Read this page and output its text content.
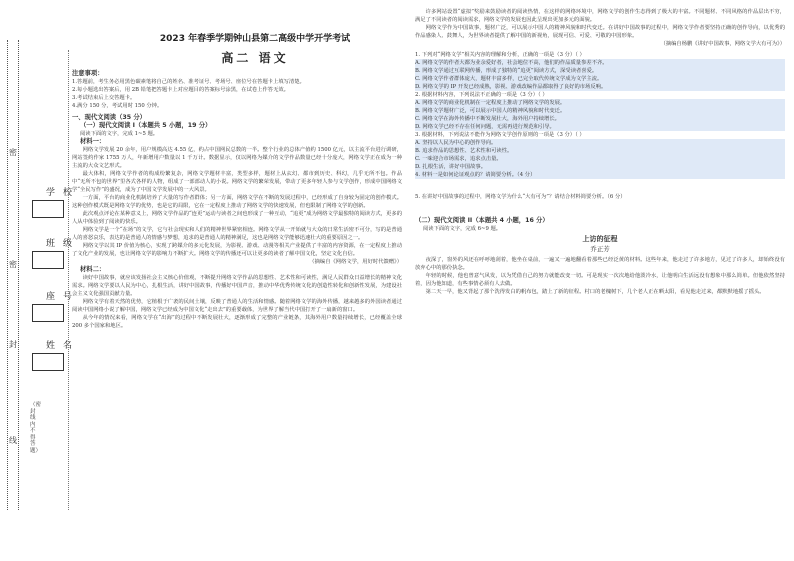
密
密
封
线
学校
班级
座号
姓名
（密封线内不得答题）
2023 年春季学期钟山县第二高级中学开学考试
高二 语文
注意事项：
1.答题前，考生务必用黑色碳素笔将自己的姓名、准考证号、考场号、座位号在答题卡上填写清楚。
2.每小题选出答案后，用 2B 铅笔把答题卡上对应题目的答案标号涂黑，在试卷上作答无效。
3.考试结束后上交答题卡。
4.满分 150 分，考试用时 150 分钟。
一、现代文阅读（35 分）
（一）现代文阅读 I（本题共 5 小题，19 分）
阅读下面的文字，完成 1~5 题。
材料一：

网络文学发展 20 余年，用户规模高达 4.55 亿，约占中国网民总数的一半。整个行业的总体产值约 1500 亿元，以主流平台进行调研，网站签约作家 1755 万人，年新增用户数量以 1 千万计。数据显示，仅以网络为媒介的文学作品数量已经十分庞大，网络文学正在成为一种主流的大众文艺形式。

最大体积，网络文学作者的构成纷繁复杂，网络文学题材丰富，类型多样，题材上从玄幻、都市到历史、科幻，几乎无所不包。作品中“无所不包的世界”里各式各样的人物，组成了一部部动人的小说。网络文学的繁荣发展，带动了更多年轻人参与文学创作，形成中国网络文学“全民写作”的盛况，成为了中国文学发展中的一大风景。

一方面，平台的商业化机制培养了大量的写作者群体；另一方面，网络文学在不断的发展过程中，已经形成了自身较为固定的创作模式。这种创作模式既是网络文学的优势，也是它的局限，它在一定程度上推动了网络文学的快速发展，但也限制了网络文学的创新。

此次观点评论在某种意义上，网络文学作品的“连更”运动与读者之间也形成了一种互动，“追更”成为网络文学最独特的阅读方式，更多的人从中体验到了阅读的快乐。

网络文学是一个“在场”的文学，它与社会现实和人们的精神世界紧密相连。网络文学从一开始就与大众的日常生活密不可分，写的是普通人的喜怒哀乐，表达的是普通人的情感与梦想，追求的是普通人的精神满足，这也是网络文学能够迅速壮大的重要原因之一。

网络文学以其 IP 价值为核心，实现了跨媒介的多元化发展，为影视、游戏、动漫等相关产业提供了丰富的内容资源，在一定程度上推动了文化产业的发展，也让网络文学的影响力不断扩大。网络文学的传播还可以让更多的读者了解中国文化，坚定文化自信。

（摘编自《网络文学，用好时代馈赠》）
材料二：

读好中国故事，就应该发扬社会主义核心价值观，不断提升网络文学作品的思想性、艺术性和可读性，满足人民群众日益增长的精神文化需求。网络文学要以人民为中心，扎根生活，讲好中国故事，传播好中国声音，推动中华优秀传统文化的创造性转化和创新性发展，为建设社会主义文化强国贡献力量。

网络文学有着天然的优势，它植根于广袤的民间土壤，反映了普通人的生活和情感。随着网络文学的海外传播，越来越多的外国读者通过阅读中国网络小说了解中国，网络文学已经成为中国文化“走出去”的重要载体，为世界了解当代中国打开了一扇新的窗口。

从今年的情况来看，网络文学在“出海”的过程中不断发展壮大，逐渐形成了完整的产业链条，其海外用户数量持续增长，已经覆盖全球 200 多个国家和地区。

许多网站设置“虚拟”奖励来鼓励读者的阅读热情，在这样的网络环境中，网络文学的创作生态得到了极大的丰富。不同题材、不同风格的作品层出不穷，满足了不同读者的阅读需求，网络文学的发展也因此呈现出更加多元的面貌。

网络文学作为中国故事，题材广泛，可以展示中国人的精神风貌和时代变迁。在讲好中国故事的过程中，网络文学作者要坚持正确的创作导向，以优秀的作品感染人、鼓舞人，为世界读者提供了解中国的新视角，展现可信、可爱、可敬的中国形象。

（摘编自杨鹏《讲好中国故事，网络文学大有可为》）
1. 下列对“网络文学”相关内容的理解和分析，正确的一项是（3 分）（ ）
A. 网络文学的作者大都为业余爱好者，社会地位不高，他们的作品质量参差不齐。
B. 网络文学通过互联网传播，形成了独特的“追更”阅读方式，深受读者喜爱。
C. 网络文学作者群体庞大，题材丰富多样，已完全取代传统文学成为文学主流。
D. 网络文学的 IP 开发已经成熟，影视、游戏改编作品都取得了良好的市场反响。
2. 根据材料内容，下列说法不正确的一项是（3 分）（ ）
A. 网络文学的商业化机制在一定程度上推动了网络文学的发展。
B. 网络文学题材广泛，可以展示中国人的精神风貌和时代变迁。
C. 网络文学在海外传播中不断发展壮大，海外用户持续增长。
D. 网络文学已经不存在任何问题，无需再进行规范和引导。
3. 根据材料，下列说法不能作为网络文学创作原则的一项是（3 分）（ ）
A. 坚持以人民为中心的创作导向。
B. 追求作品的思想性、艺术性和可读性。
C. 一味迎合市场需求，追求点击量。
D. 扎根生活，讲好中国故事。
4. 材料一是如何论证观点的？请简要分析。（4 分）
5. 在讲好中国故事的过程中，网络文学为什么“大有可为”？请结合材料简要分析。（6 分）
（二）现代文阅读 II（本题共 4 小题，16 分）
阅读下面的文字，完成 6~9 题。
上访的征程
乔正芳

夜深了，窗外的风还在呼呼地刮着，他坐在桌前，一遍又一遍地翻看着那些已经泛黄的材料。这些年来，他走过了许多地方，见过了许多人，却始终没有放弃心中的那份执念。

年轻的时候，他也曾意气风发，以为凭借自己的努力就能改变一切。可是现实一次次地给他泼冷水，让他明白生活远没有想象中那么简单。但他依然坚持着，因为他知道，有些事情必须有人去做。

第二天一早，他又背起了那个洗得发白的帆布包，踏上了新的征程。村口的老槐树下，几个老人正在晒太阳，看见他走过来，都默默地摇了摇头。
